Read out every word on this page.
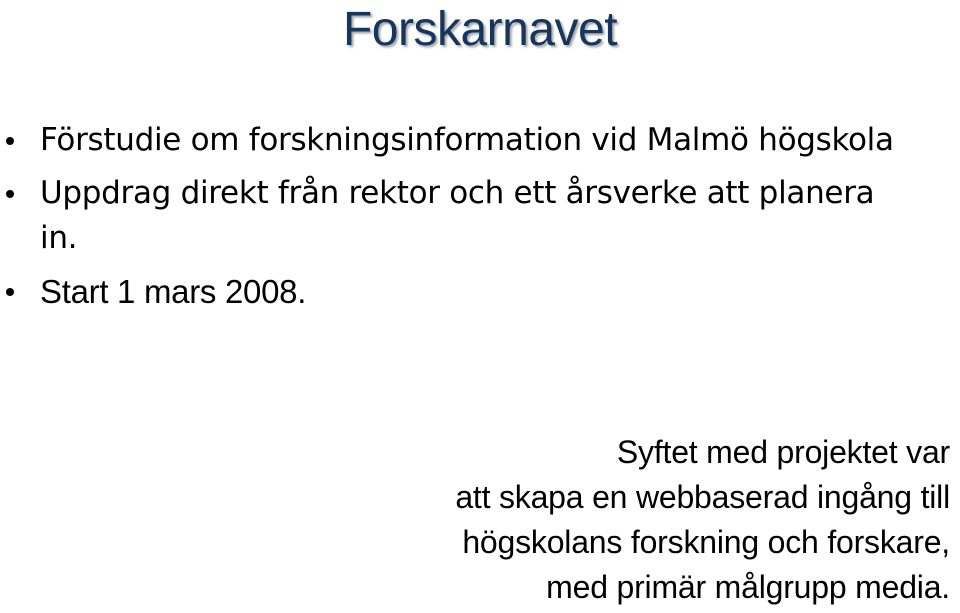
Forskarnavet
Förstudie om forskningsinformation vid Malmö högskola
Uppdrag direkt från rektor och ett årsverke att planera in.
Start 1 mars 2008.
Syftet med projektet var
att skapa en webbaserad ingång till
högskolans forskning och forskare,
med primär målgrupp media.
